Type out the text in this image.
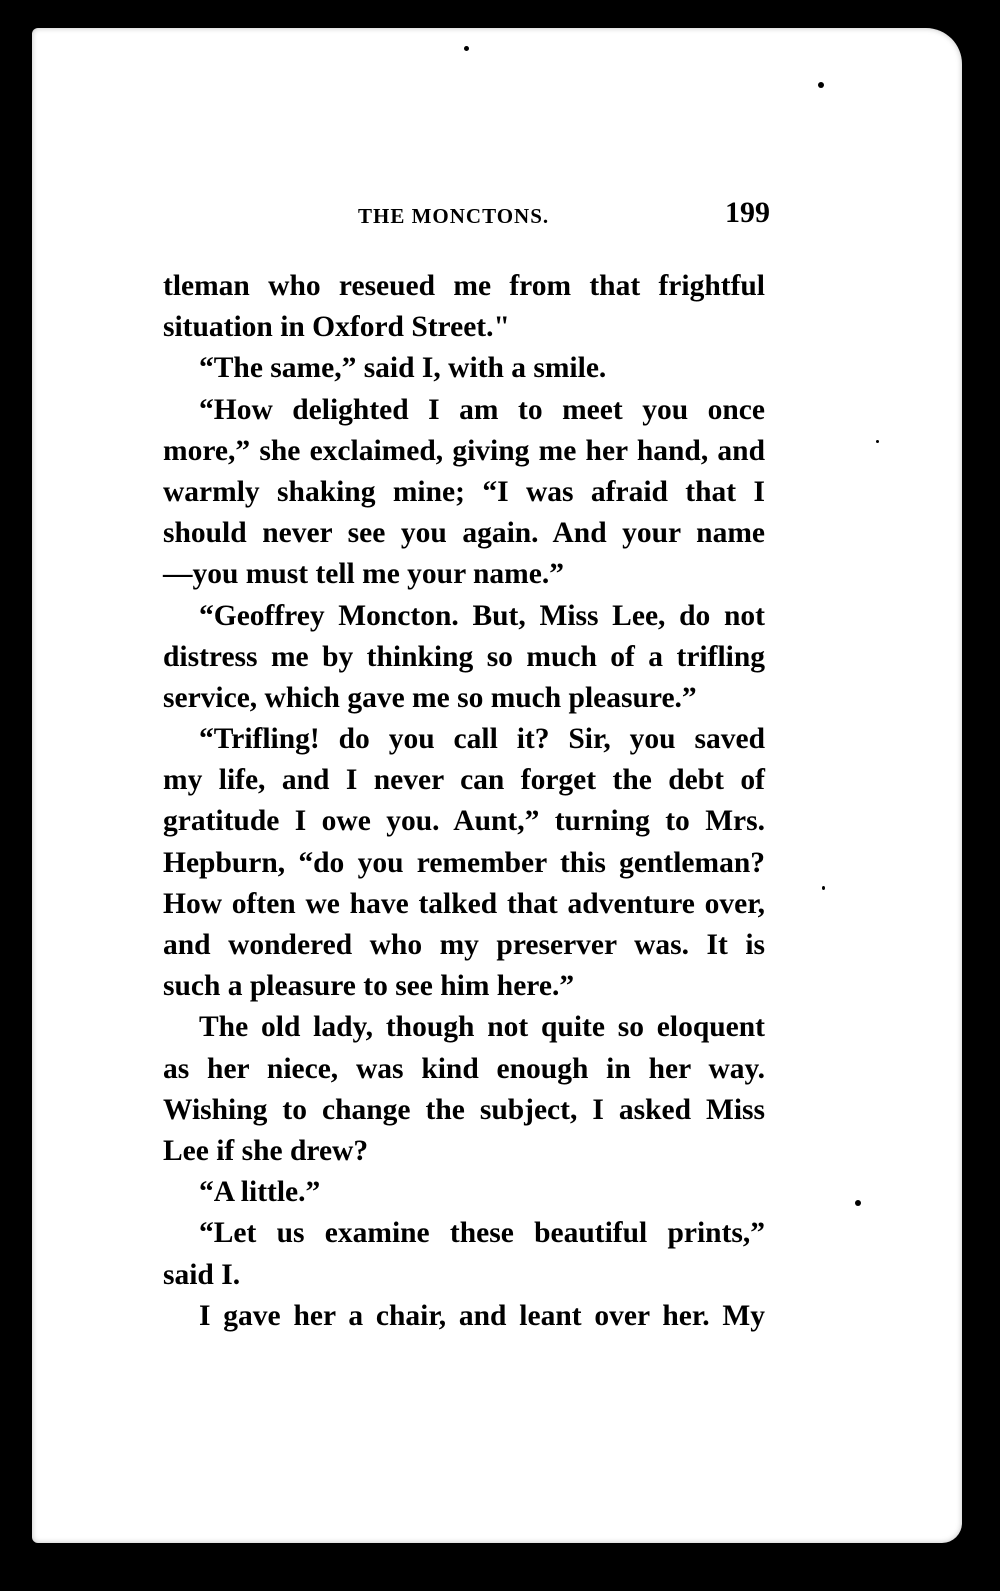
THE MONCTONS.	199
tleman who reseued me from that frightful
situation in Oxford Street."
“The same,” said I, with a smile.
“How delighted I am to meet you once
more,” she exclaimed, giving me her hand, and
warmly shaking mine; “I was afraid that I
should never see you again. And your name
—you must tell me your name.”
“Geoffrey Moncton. But, Miss Lee, do not
distress me by thinking so much of a trifling
service, which gave me so much pleasure.”
“Trifling! do you call it? Sir, you saved
my life, and I never can forget the debt of
gratitude I owe you. Aunt,” turning to Mrs.
Hepburn, “do you remember this gentleman?
How often we have talked that adventure over,
and wondered who my preserver was. It is
such a pleasure to see him here.”
The old lady, though not quite so eloquent
as her niece, was kind enough in her way.
Wishing to change the subject, I asked Miss
Lee if she drew?
“A little.”
“Let us examine these beautiful prints,”
said I.
I gave her a chair, and leant over her. My
